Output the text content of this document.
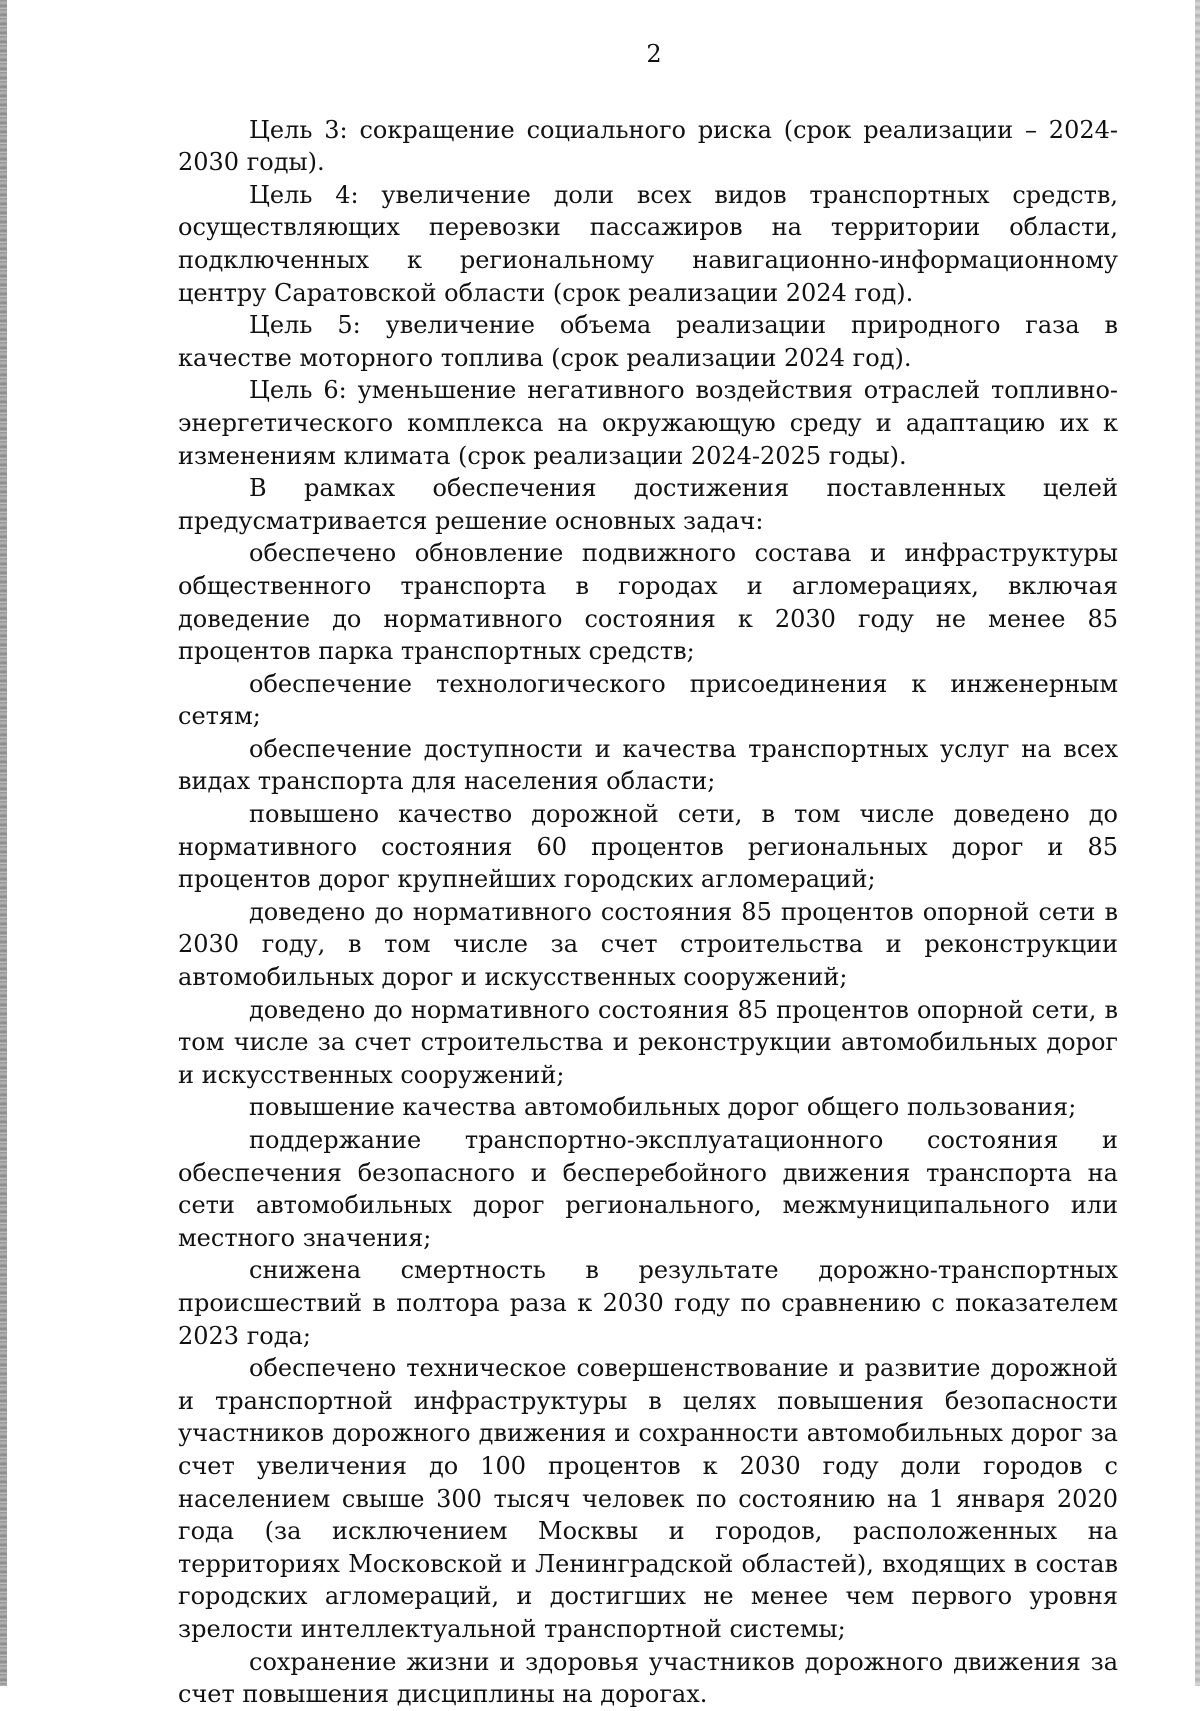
2

Цель 3: сокращение социального риска (срок реализации – 2024-2030 годы).

Цель 4: увеличение доли всех видов транспортных средств, осуществляющих перевозки пассажиров на территории области, подключенных к региональному навигационно-информационному центру Саратовской области (срок реализации 2024 год).

Цель 5: увеличение объема реализации природного газа в качестве моторного топлива (срок реализации 2024 год).

Цель 6: уменьшение негативного воздействия отраслей топливно-энергетического комплекса на окружающую среду и адаптацию их к изменениям климата (срок реализации 2024-2025 годы).

В рамках обеспечения достижения поставленных целей предусматривается решение основных задач:

обеспечено обновление подвижного состава и инфраструктуры общественного транспорта в городах и агломерациях, включая доведение до нормативного состояния к 2030 году не менее 85 процентов парка транспортных средств;

обеспечение технологического присоединения к инженерным сетям;

обеспечение доступности и качества транспортных услуг на всех видах транспорта для населения области;

повышено качество дорожной сети, в том числе доведено до нормативного состояния 60 процентов региональных дорог и 85 процентов дорог крупнейших городских агломераций;

доведено до нормативного состояния 85 процентов опорной сети в 2030 году, в том числе за счет строительства и реконструкции автомобильных дорог и искусственных сооружений;

доведено до нормативного состояния 85 процентов опорной сети, в том числе за счет строительства и реконструкции автомобильных дорог и искусственных сооружений;

повышение качества автомобильных дорог общего пользования;

поддержание транспортно-эксплуатационного состояния и обеспечения безопасного и бесперебойного движения транспорта на сети автомобильных дорог регионального, межмуниципального или местного значения;

снижена смертность в результате дорожно-транспортных происшествий в полтора раза к 2030 году по сравнению с показателем 2023 года;

обеспечено техническое совершенствование и развитие дорожной и транспортной инфраструктуры в целях повышения безопасности участников дорожного движения и сохранности автомобильных дорог за счет увеличения до 100 процентов к 2030 году доли городов с населением свыше 300 тысяч человек по состоянию на 1 января 2020 года (за исключением Москвы и городов, расположенных на территориях Московской и Ленинградской областей), входящих в состав городских агломераций, и достигших не менее чем первого уровня зрелости интеллектуальной транспортной системы;

сохранение жизни и здоровья участников дорожного движения за счет повышения дисциплины на дорогах.
